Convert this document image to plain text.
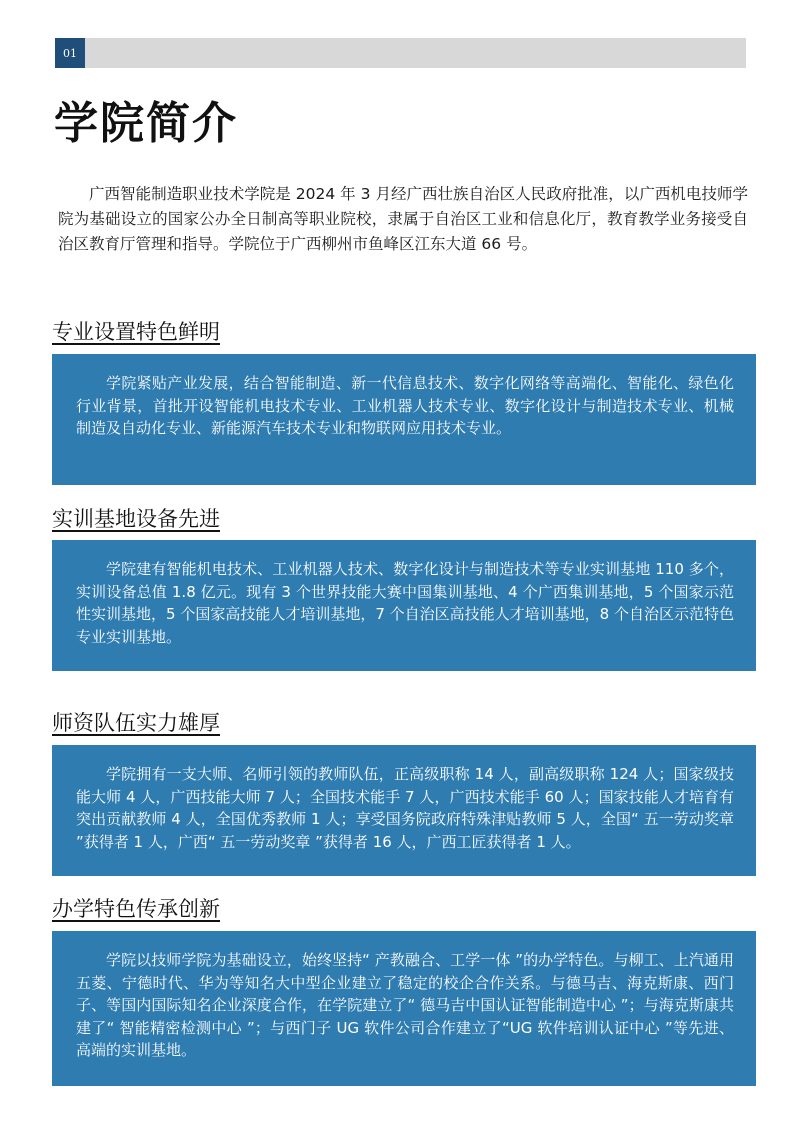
01
学院简介

广西智能制造职业技术学院是 2024 年 3 月经广西壮族自治区人民政府批准，以广西机电技师学院为基础设立的国家公办全日制高等职业院校，隶属于自治区工业和信息化厅，教育教学业务接受自治区教育厅管理和指导。学院位于广西柳州市鱼峰区江东大道 66 号。

专业设置特色鲜明

学院紧贴产业发展，结合智能制造、新一代信息技术、数字化网络等高端化、智能化、绿色化行业背景，首批开设智能机电技术专业、工业机器人技术专业、数字化设计与制造技术专业、机械制造及自动化专业、新能源汽车技术专业和物联网应用技术专业。

实训基地设备先进

学院建有智能机电技术、工业机器人技术、数字化设计与制造技术等专业实训基地 110 多个，实训设备总值 1.8 亿元。现有 3 个世界技能大赛中国集训基地、4 个广西集训基地，5 个国家示范性实训基地，5 个国家高技能人才培训基地，7 个自治区高技能人才培训基地，8 个自治区示范特色专业实训基地。

师资队伍实力雄厚

学院拥有一支大师、名师引领的教师队伍，正高级职称 14 人，副高级职称 124 人；国家级技能大师 4 人，广西技能大师 7 人；全国技术能手 7 人，广西技术能手 60 人；国家技能人才培育有突出贡献教师 4 人，全国优秀教师 1 人；享受国务院政府特殊津贴教师 5 人，全国“ 五一劳动奖章 ”获得者 1 人，广西“ 五一劳动奖章 ”获得者 16 人，广西工匠获得者 1 人。

办学特色传承创新

学院以技师学院为基础设立，始终坚持“ 产教融合、工学一体 ”的办学特色。与柳工、上汽通用五菱、宁德时代、华为等知名大中型企业建立了稳定的校企合作关系。与德马吉、海克斯康、西门子、等国内国际知名企业深度合作，在学院建立了“ 德马吉中国认证智能制造中心 ”；与海克斯康共建了“ 智能精密检测中心 ”；与西门子 UG 软件公司合作建立了“UG 软件培训认证中心 ”等先进、高端的实训基地。
